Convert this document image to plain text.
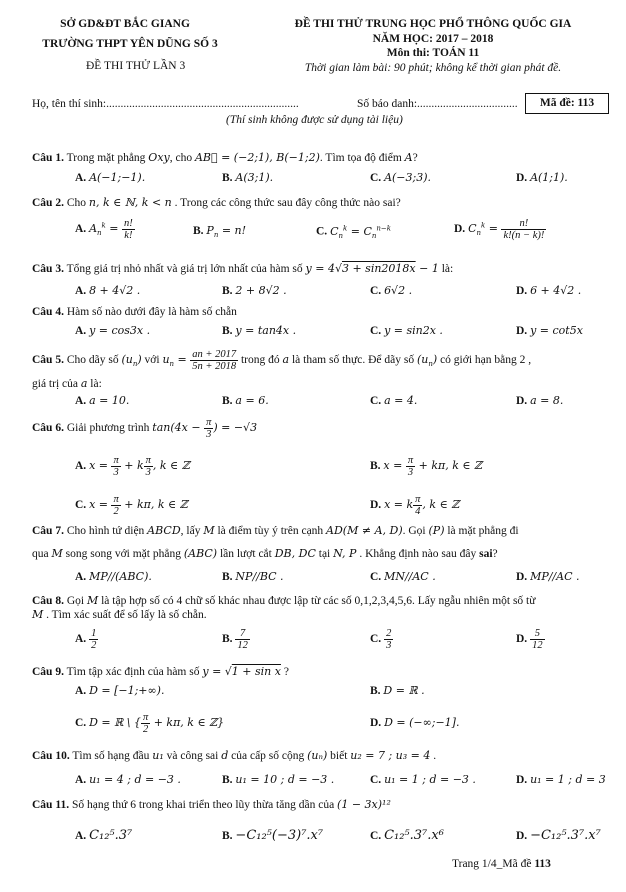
SỞ GD&ĐT BẮC GIANG
TRƯỜNG THPT YÊN DŨNG SỐ 3
ĐỀ THI THỬ LẦN 3
ĐỀ THI THỬ TRUNG HỌC PHỔ THÔNG QUỐC GIA
NĂM HỌC: 2017 – 2018
Môn thi: TOÁN 11
Thời gian làm bài: 90 phút; không kể thời gian phát đề.
Họ, tên thí sinh:...................................................................	Số báo danh:...................................	Mã đề: 113
(Thí sinh không được sử dụng tài liệu)
Câu 1. Trong mặt phẳng Oxy, cho AB⃗ = (−2;1), B(−1;2). Tìm tọa độ điểm A?
A. A(−1;−1).	B. A(3;1).	C. A(−3;3).	D. A(1;1).
Câu 2. Cho n, k ∈ ℕ, k < n . Trong các công thức sau đây công thức nào sai?
A. $A_n^k = \frac{n!}{k!}$	B. $P_n = n$!	C. $C_n^k = C_n^{n-k}$	D. $C_n^k = \frac{n!}{k!(n - k)!}$
Câu 3. Tổng giá trị nhỏ nhất và giá trị lớn nhất của hàm số y = 4√3 + sin2018x − 1 là:
A. 8 + 4√2 .	B. 2 + 8√2 .	C. 6√2 .	D. 6 + 4√2 .
Câu 4. Hàm số nào dưới đây là hàm số chẵn
A. y = cos3x .	B. y = tan4x .	C. y = sin2x .	D. y = cot5x
Câu 5. Cho dãy số $(u_n)$ với $u_n = \frac{an + 2017}{5n + 2018}$ trong đó a là tham số thực. Để dãy số $(u_n)$ có giới hạn bằng 2 ,
giá trị của a là:
A. a = 10.	B. a = 6.	C. a = 4.	D. a = 8.
Câu 6. Giải phương trình $\tan(4x - \frac{\pi}{3}$ ) = −√3
A. $x = \frac{\pi}{3} + k \frac{\pi}{3}$ , k ∈ ℤ	B. $x = \frac{\pi}{3} + k\pi$, k ∈ ℤ
C. $x = \frac{\pi}{2} + k\pi$, k ∈ ℤ	D. x = k $\frac{\pi}{4}$ , k ∈ ℤ
Câu 7. Cho hình tứ diện ABCD, lấy M là điểm tùy ý trên cạnh AD(M ≠ A, D). Gọi (P) là mặt phẳng đi
qua M song song với mặt phẳng (ABC) lần lượt cắt DB, DC tại N, P . Khẳng định nào sau đây sai?
A. MP//(ABC).	B. NP//BC .	C. MN//AC .	D. MP//AC .
Câu 8. Gọi M là tập hợp số có 4 chữ số khác nhau được lập từ các số 0,1,2,3,4,5,6. Lấy ngẫu nhiên một số từ
M . Tìm xác suất để số lấy là số chẵn.
A. $\frac{1}{2}$	B. $\frac{7}{12}$	C. $\frac{2}{3}$	D. $\frac{5}{12}$
Câu 9. Tìm tập xác định của hàm số y = √1 + sin x ?
A. D = [−1;+∞).	B. D = ℝ .
C. D = ℝ \ { $\frac{\pi}{2} + k\pi$, k ∈ ℤ}	D. D = (−∞;−1].
Câu 10. Tìm số hạng đầu u₁ và công sai d của cấp số cộng (uₙ) biết u₂ = 7 ; u₃ = 4 .
A. u₁ = 4 ; d = −3 .	B. u₁ = 10 ; d = −3 .	C. u₁ = 1 ; d = −3 .	D. u₁ = 1 ; d = 3
Câu 11. Số hạng thứ 6 trong khai triển theo lũy thừa tăng dần của (1 − 3x)¹²
A. C₁₂⁵.3⁷	B. −C₁₂⁵(−3)⁷.x⁷	C. C₁₂⁵.3⁷.x⁶	D. −C₁₂⁵.3⁷.x⁷
Trang 1/4_Mã đề 113
